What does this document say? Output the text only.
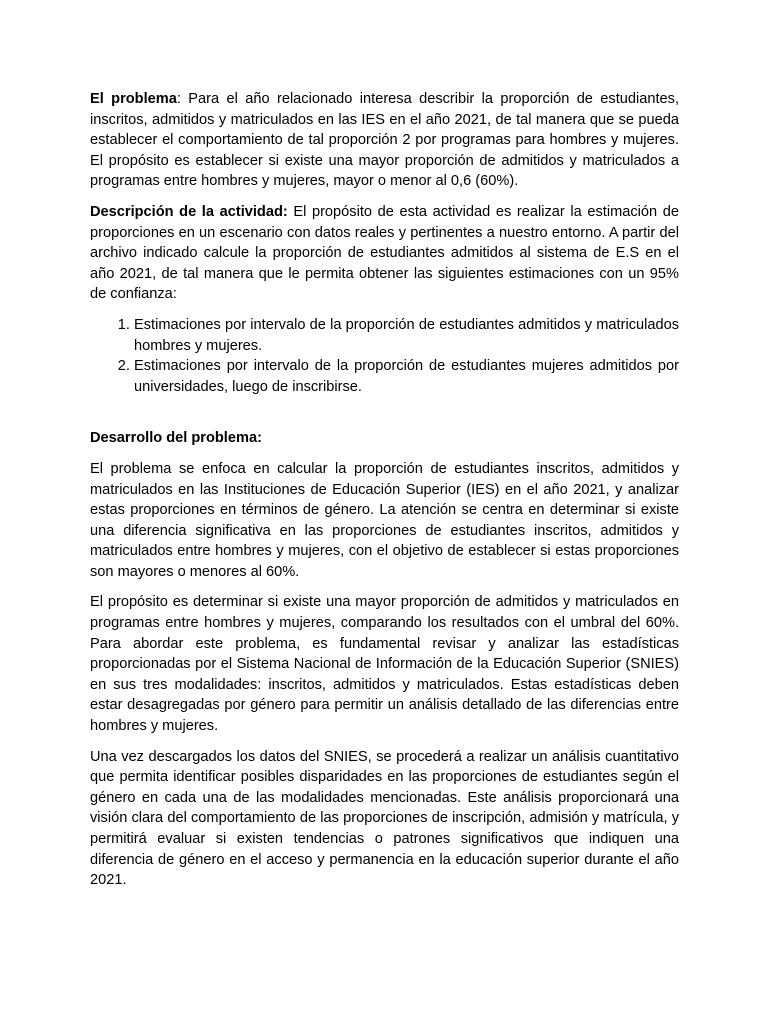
El problema: Para el año relacionado interesa describir la proporción de estudiantes, inscritos, admitidos y matriculados en las IES en el año 2021, de tal manera que se pueda establecer el comportamiento de tal proporción 2 por programas para hombres y mujeres. El propósito es establecer si existe una mayor proporción de admitidos y matriculados a programas entre hombres y mujeres, mayor o menor al 0,6 (60%).

Descripción de la actividad: El propósito de esta actividad es realizar la estimación de proporciones en un escenario con datos reales y pertinentes a nuestro entorno. A partir del archivo indicado calcule la proporción de estudiantes admitidos al sistema de E.S en el año 2021, de tal manera que le permita obtener las siguientes estimaciones con un 95% de confianza:

1. Estimaciones por intervalo de la proporción de estudiantes admitidos y matriculados hombres y mujeres.
2. Estimaciones por intervalo de la proporción de estudiantes mujeres admitidos por universidades, luego de inscribirse.
Desarrollo del problema:

El problema se enfoca en calcular la proporción de estudiantes inscritos, admitidos y matriculados en las Instituciones de Educación Superior (IES) en el año 2021, y analizar estas proporciones en términos de género. La atención se centra en determinar si existe una diferencia significativa en las proporciones de estudiantes inscritos, admitidos y matriculados entre hombres y mujeres, con el objetivo de establecer si estas proporciones son mayores o menores al 60%.

El propósito es determinar si existe una mayor proporción de admitidos y matriculados en programas entre hombres y mujeres, comparando los resultados con el umbral del 60%. Para abordar este problema, es fundamental revisar y analizar las estadísticas proporcionadas por el Sistema Nacional de Información de la Educación Superior (SNIES) en sus tres modalidades: inscritos, admitidos y matriculados. Estas estadísticas deben estar desagregadas por género para permitir un análisis detallado de las diferencias entre hombres y mujeres.

Una vez descargados los datos del SNIES, se procederá a realizar un análisis cuantitativo que permita identificar posibles disparidades en las proporciones de estudiantes según el género en cada una de las modalidades mencionadas. Este análisis proporcionará una visión clara del comportamiento de las proporciones de inscripción, admisión y matrícula, y permitirá evaluar si existen tendencias o patrones significativos que indiquen una diferencia de género en el acceso y permanencia en la educación superior durante el año 2021.
